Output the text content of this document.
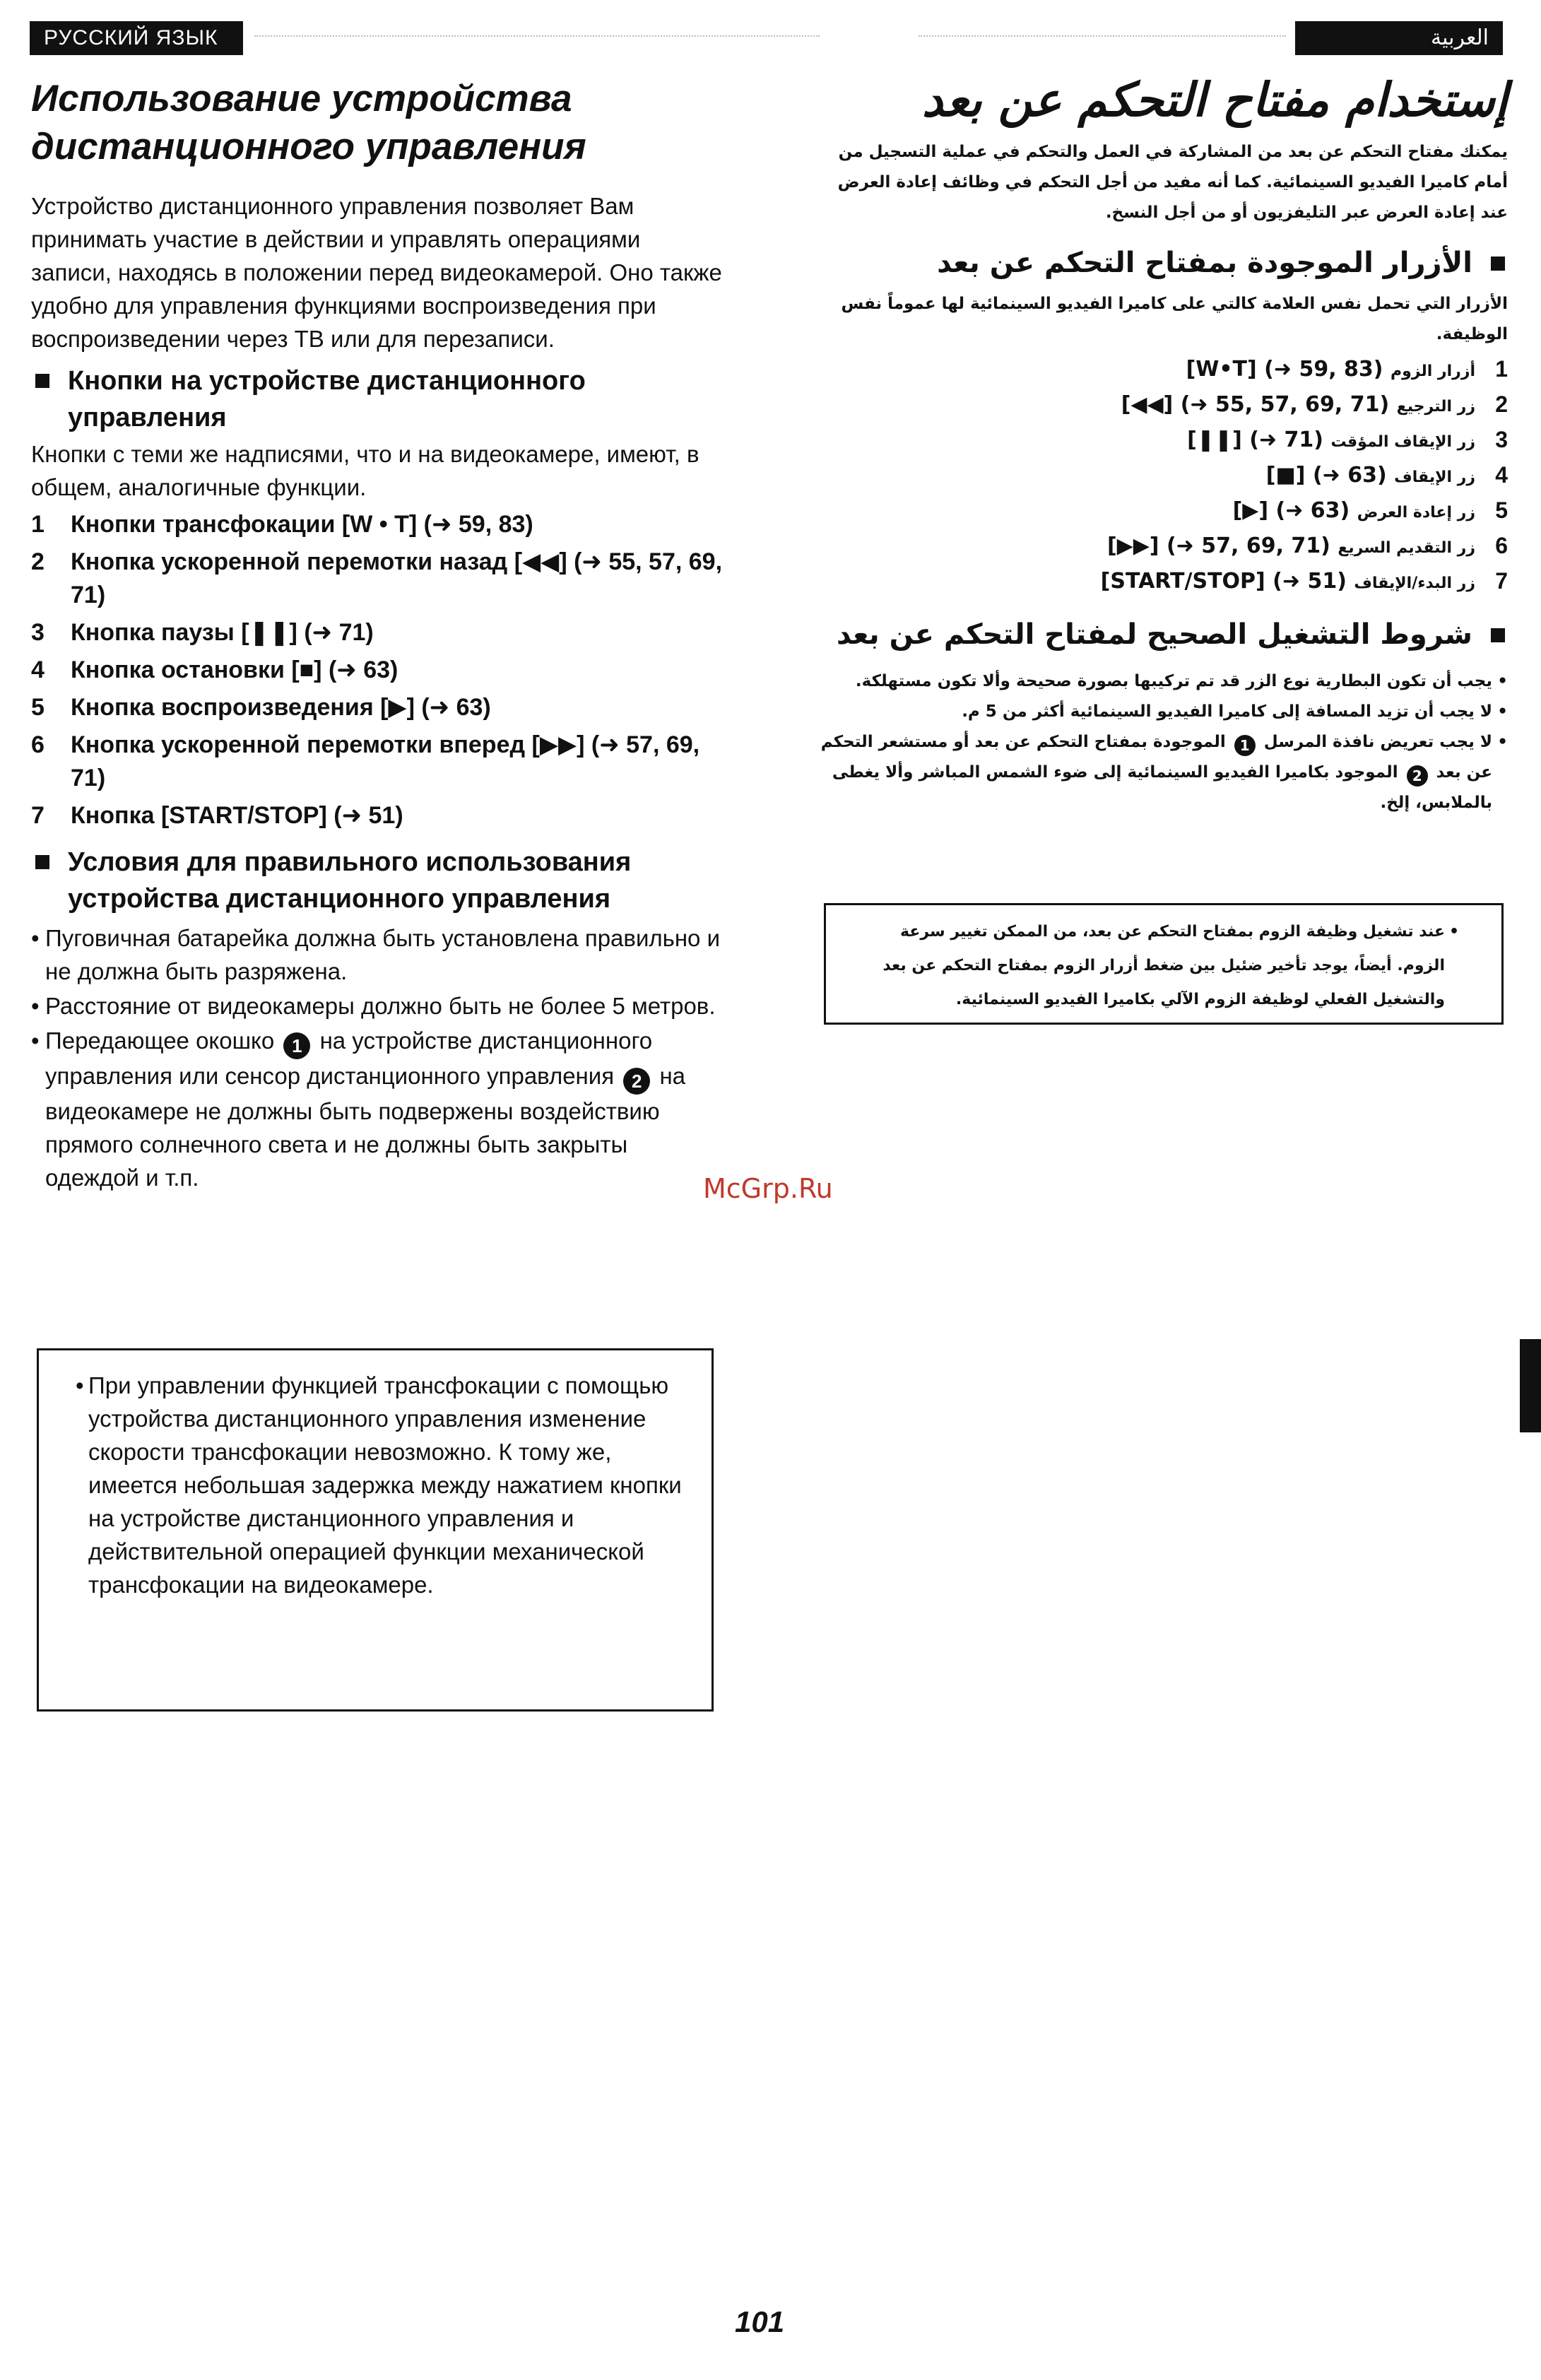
РУССКИЙ ЯЗЫК	العربية
Использование устройства
дистанционного управления

Устройство дистанционного управления позволяет Вам принимать участие в действии и управлять операциями записи, находясь в положении перед видеокамерой. Оно также удобно для управления функциями воспроизведения при воспроизведении через ТВ или для перезаписи.

Кнопки на устройстве дистанционного управления

Кнопки с теми же надписями, что и на видеокамере, имеют, в общем, аналогичные функции.

1 Кнопки трансфокации [W • T] (➜ 59, 83)
2 Кнопка ускоренной перемотки назад [◀◀] (➜ 55, 57, 69, 71)
3 Кнопка паузы [❚❚] (➜ 71)
4 Кнопка остановки [■] (➜ 63)
5 Кнопка воспроизведения [▶] (➜ 63)
6 Кнопка ускоренной перемотки вперед [▶▶] (➜ 57, 69, 71)
7 Кнопка [START/STOP] (➜ 51)
Условия для правильного использования устройства дистанционного управления
• Пуговичная батарейка должна быть установлена правильно и не должна быть разряжена.
• Расстояние от видеокамеры должно быть не более 5 метров.
• Передающее окошко 1 на устройстве дистанционного управления или сенсор дистанционного управления 2 на видеокамере не должны быть подвержены воздействию прямого солнечного света и не должны быть закрыты одеждой и т.п.

• При управлении функцией трансфокации с помощью устройства дистанционного управления изменение скорости трансфокации невозможно. К тому же, имеется небольшая задержка между нажатием кнопки на устройстве дистанционного управления и действительной операцией функции механической трансфокации на видеокамере.

إستخدام مفتاح التحكم عن بعد

يمكنك مفتاح التحكم عن بعد من المشاركة في العمل والتحكم في عملية التسجيل من أمام كاميرا الفيديو السينمائية. كما أنه مفيد من أجل التحكم في وظائف إعادة العرض عند إعادة العرض عبر التليفزيون أو من أجل النسخ.

الأزرار الموجودة بمفتاح التحكم عن بعد

الأزرار التي تحمل نفس العلامة كالتي على كاميرا الفيديو السينمائية لها عموماً نفس الوظيفة.

1
أزرار الزوم [W•T] (➜ 59, 83)
2
زر الترجيع [◀◀] (➜ 55, 57, 69, 71)
3
زر الإيقاف المؤقت [❚❚] (➜ 71)
4
زر الإيقاف [■] (➜ 63)
5
زر إعادة العرض [▶] (➜ 63)
6
زر التقديم السريع [▶▶] (➜ 57, 69, 71)
7
زر البدء/الإيقاف [START/STOP] (➜ 51)
شروط التشغيل الصحيح لمفتاح التحكم عن بعد
• يجب أن تكون البطارية نوع الزر قد تم تركيبها بصورة صحيحة وألا تكون مستهلكة.
• لا يجب أن تزيد المسافة إلى كاميرا الفيديو السينمائية أكثر من 5 م.
• لا يجب تعريض نافذة المرسل 1 الموجودة بمفتاح التحكم عن بعد أو مستشعر التحكم عن بعد 2 الموجود بكاميرا الفيديو السينمائية إلى ضوء الشمس المباشر وألا يغطى بالملابس، إلخ.

• عند تشغيل وظيفة الزوم بمفتاح التحكم عن بعد، من الممكن تغيير سرعة الزوم. أيضاً، يوجد تأخير ضئيل بين ضغط أزرار الزوم بمفتاح التحكم عن بعد والتشغيل الفعلي لوظيفة الزوم الآلي بكاميرا الفيديو السينمائية.

McGrp.Ru
101
